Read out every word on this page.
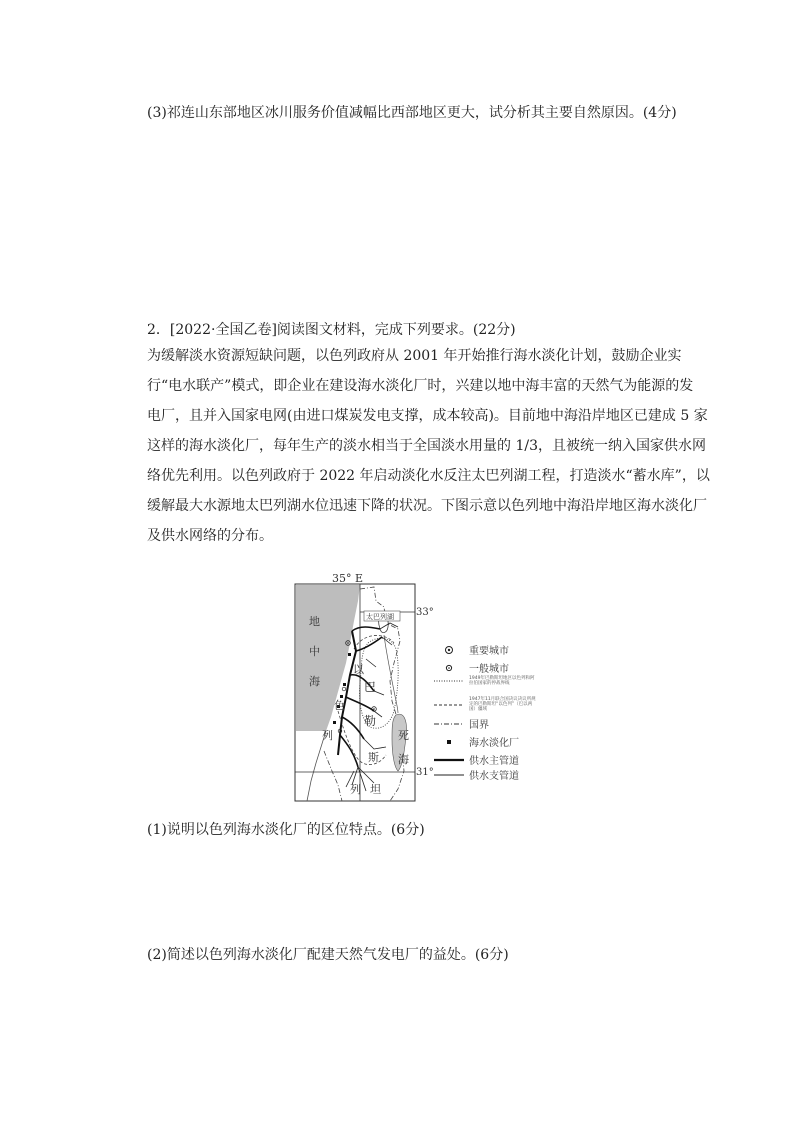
(3)祁连山东部地区冰川服务价值减幅比西部地区更大，试分析其主要自然原因。(4分)
2．[2022·全国乙卷]阅读图文材料，完成下列要求。(22分)
为缓解淡水资源短缺问题，以色列政府从 2001 年开始推行海水淡化计划，鼓励企业实
行“电水联产”模式，即企业在建设海水淡化厂时，兴建以地中海丰富的天然气为能源的发
电厂，且并入国家电网(由进口煤炭发电支撑，成本较高)。目前地中海沿岸地区已建成 5 家
这样的海水淡化厂，每年生产的淡水相当于全国淡水用量的 1/3，且被统一纳入国家供水网
络优先利用。以色列政府于 2022 年启动淡化水反注太巴列湖工程，打造淡水“蓄水库”，以
缓解最大水源地太巴列湖水位迅速下降的状况。下图示意以色列地中海沿岸地区海水淡化厂
及供水网络的分布。
35° E
33°
31°
太巴列湖
地
中
海
以
色
列
巴
勒
斯
坦
列
死
海
重要城市
一般城市
1949年巴勒斯坦地区以色列和阿拉伯国家的停战界线
1947年11月联合国决议决议所规定的巴勒斯坦“以色列”（巴以两国）疆域
国界
海水淡化厂
供水主管道
供水支管道
(1)说明以色列海水淡化厂的区位特点。(6分)
(2)简述以色列海水淡化厂配建天然气发电厂的益处。(6分)
